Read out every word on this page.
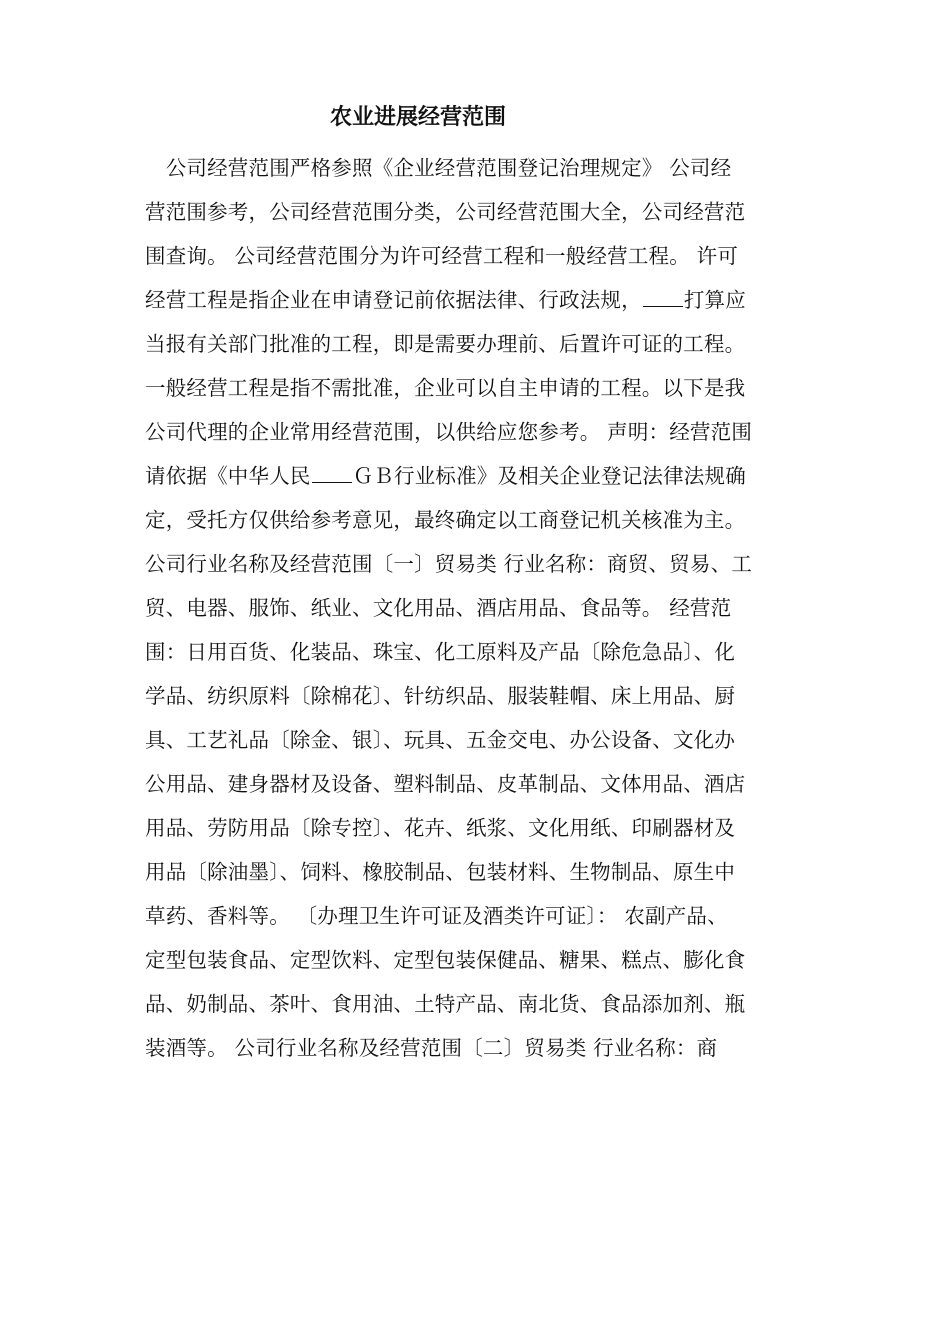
农业进展经营范围
　公司经营范围严格参照《企业经营范围登记治理规定》 公司经
营范围参考，公司经营范围分类，公司经营范围大全，公司经营范
围查询。 公司经营范围分为许可经营工程和一般经营工程。 许可
经营工程是指企业在申请登记前依据法律、行政法规， 打算应
当报有关部门批准的工程，即是需要办理前、后置许可证的工程。
一般经营工程是指不需批准，企业可以自主申请的工程。以下是我
公司代理的企业常用经营范围，以供给应您参考。 声明：经营范围
请依据《中华人民 ＧＢ行业标准》及相关企业登记法律法规确
定，受托方仅供给参考意见，最终确定以工商登记机关核准为主。
公司行业名称及经营范围〔一〕贸易类 行业名称：商贸、贸易、工
贸、电器、服饰、纸业、文化用品、酒店用品、食品等。 经营范
围：日用百货、化装品、珠宝、化工原料及产品〔除危急品〕、化
学品、纺织原料〔除棉花〕、针纺织品、服装鞋帽、床上用品、厨
具、工艺礼品〔除金、银〕、玩具、五金交电、办公设备、文化办
公用品、建身器材及设备、塑料制品、皮革制品、文体用品、酒店
用品、劳防用品〔除专控〕、花卉、纸浆、文化用纸、印刷器材及
用品〔除油墨〕、饲料、橡胶制品、包装材料、生物制品、原生中
草药、香料等。 〔办理卫生许可证及酒类许可证〕： 农副产品、
定型包装食品、定型饮料、定型包装保健品、糖果、糕点、膨化食
品、奶制品、茶叶、食用油、土特产品、南北货、食品添加剂、瓶
装酒等。 公司行业名称及经营范围〔二〕贸易类 行业名称：商
